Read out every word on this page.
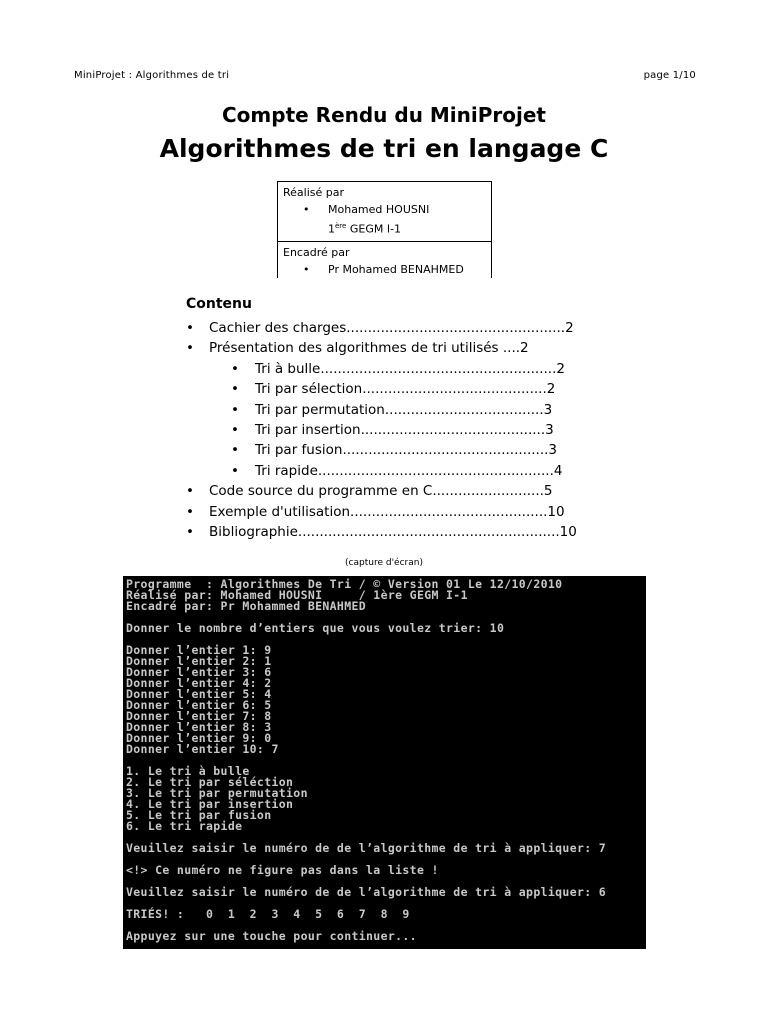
MiniProjet : Algorithmes de tri	page 1/10
Compte Rendu du MiniProjet
Algorithmes de tri en langage C
Réalisé par
• Mohamed HOUSNI
1ère GEGM I-1
Encadré par
• Pr Mohamed BENAHMED
Contenu
• Cachier des charges...................................................2
• Présentation des algorithmes de tri utilisés ....2
• Tri à bulle.......................................................2
• Tri par sélection...........................................2
• Tri par permutation.....................................3
• Tri par insertion...........................................3
• Tri par fusion................................................3
• Tri rapide.......................................................4
• Code source du programme en C..........................5
• Exemple d'utilisation..............................................10
• Bibliographie.............................................................10
(capture d'écran)
Programme  : Algorithmes De Tri / © Version 01 Le 12/10/2010
Réalisé par: Mohamed HOUSNI     / 1ère GEGM I-1
Encadré par: Pr Mohammed BENAHMED
Donner le nombre d’entiers que vous voulez trier: 10
Donner l’entier 1: 9
Donner l’entier 2: 1
Donner l’entier 3: 6
Donner l’entier 4: 2
Donner l’entier 5: 4
Donner l’entier 6: 5
Donner l’entier 7: 8
Donner l’entier 8: 3
Donner l’entier 9: 0
Donner l’entier 10: 7
1. Le tri à bulle
2. Le tri par séléction
3. Le tri par permutation
4. Le tri par insertion
5. Le tri par fusion
6. Le tri rapide
Veuillez saisir le numéro de de l’algorithme de tri à appliquer: 7
<!> Ce numéro ne figure pas dans la liste !
Veuillez saisir le numéro de de l’algorithme de tri à appliquer: 6
TRIÉS! :   0  1  2  3  4  5  6  7  8  9
Appuyez sur une touche pour continuer...
